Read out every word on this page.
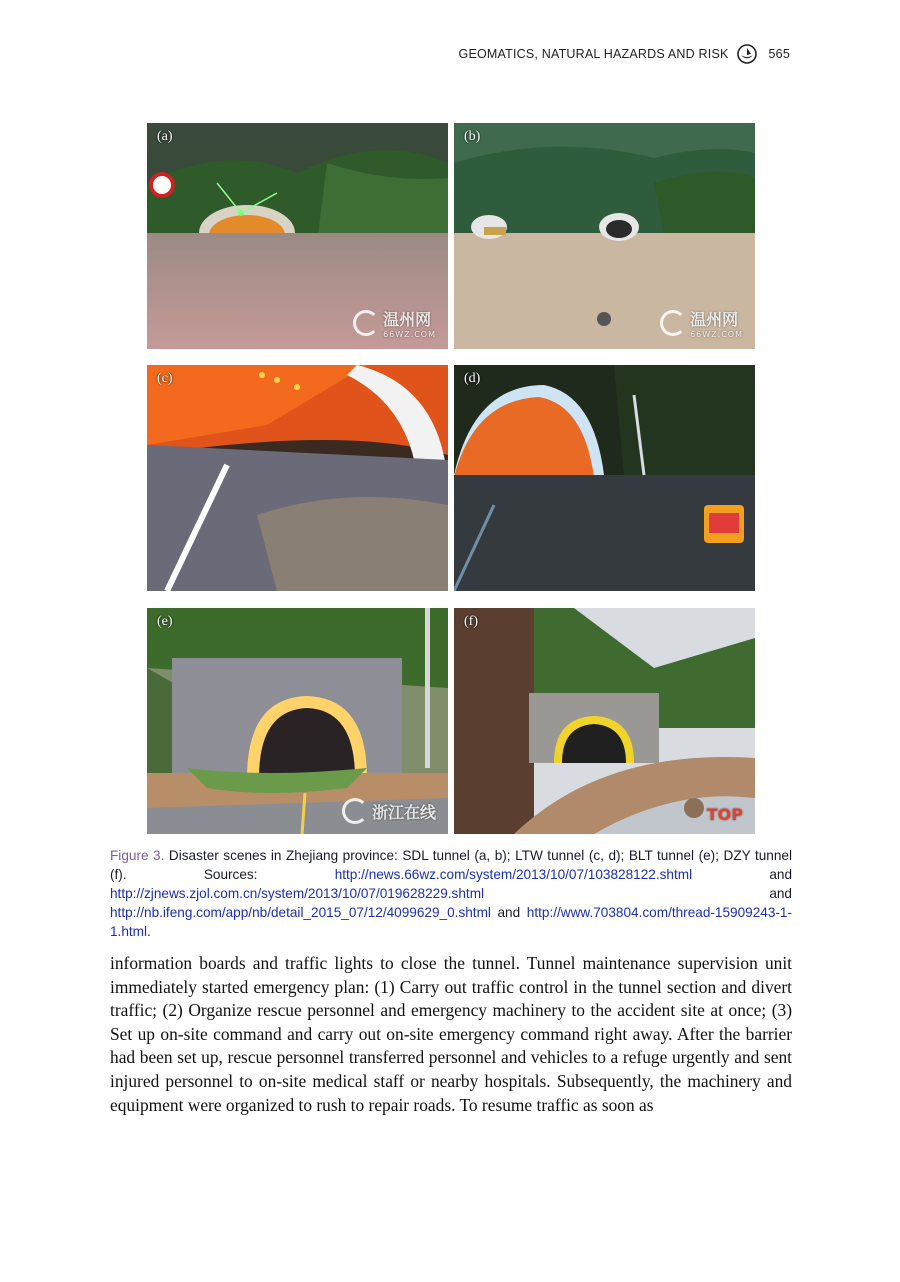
GEOMATICS, NATURAL HAZARDS AND RISK	565
(a)
温州网
66WZ.COM
(b)
温州网
66WZ.COM
(c)	(d)
(e)
浙江在线
(f)
TOP
Figure 3. Disaster scenes in Zhejiang province: SDL tunnel (a, b); LTW tunnel (c, d); BLT tunnel (e); DZY tunnel (f). Sources:	http://news.66wz.com/system/2013/10/07/103828122.shtml	and http://zjnews.zjol.com.cn/system/2013/10/07/019628229.shtml	and http://nb.ifeng.com/app/nb/detail_2015_07/12/4099629_0.shtml and http://www.703804.com/thread-15909243-1-1.html.

information boards and traffic lights to close the tunnel. Tunnel maintenance supervision unit immediately started emergency plan: (1) Carry out traffic control in the tunnel section and divert traffic; (2) Organize rescue personnel and emergency machinery to the accident site at once; (3) Set up on-site command and carry out on-site emergency command right away. After the barrier had been set up, rescue personnel transferred personnel and vehicles to a refuge urgently and sent injured personnel to on-site medical staff or nearby hospitals. Subsequently, the machinery and equipment were organized to rush to repair roads. To resume traffic as soon as
